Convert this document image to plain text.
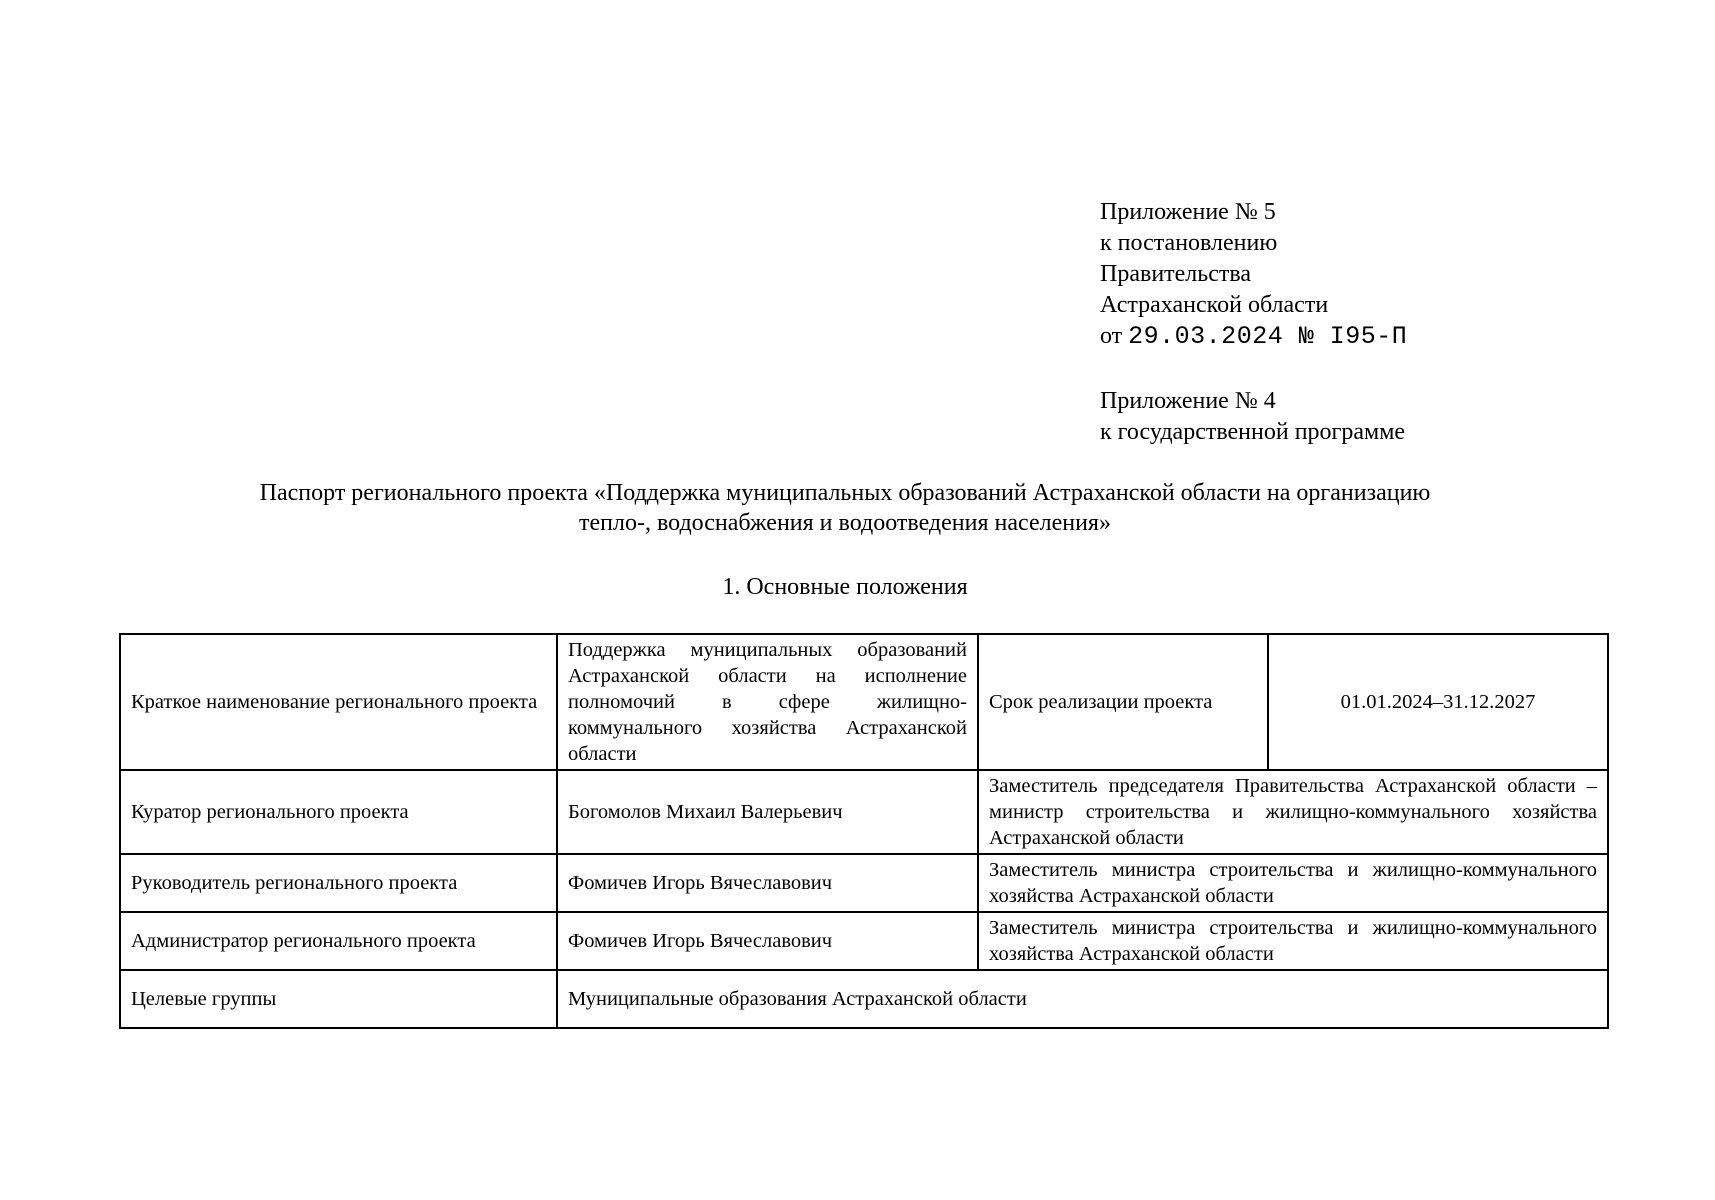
Приложение № 5
к постановлению
Правительства
Астраханской области
от 29.03.2024 № I95-П
Приложение № 4
к государственной программе
Паспорт регионального проекта «Поддержка муниципальных образований Астраханской области на организацию
тепло-, водоснабжения и водоотведения населения»
1. Основные положения
Краткое наименование регионального проекта	Поддержка муниципальных образований Астраханской области на исполнение полномочий в сфере жилищно-коммунального хозяйства Астраханской области	Срок реализации проекта	01.01.2024–31.12.2027
Куратор регионального проекта	Богомолов Михаил Валерьевич	Заместитель председателя Правительства Астраханской области – министр строительства и жилищно-коммунального хозяйства Астраханской области	
Руководитель регионального проекта	Фомичев Игорь Вячеславович	Заместитель министра строительства и жилищно-коммунального хозяйства Астраханской области	
Администратор регионального проекта	Фомичев Игорь Вячеславович	Заместитель министра строительства и жилищно-коммунального хозяйства Астраханской области	
Целевые группы	Муниципальные образования Астраханской области		
